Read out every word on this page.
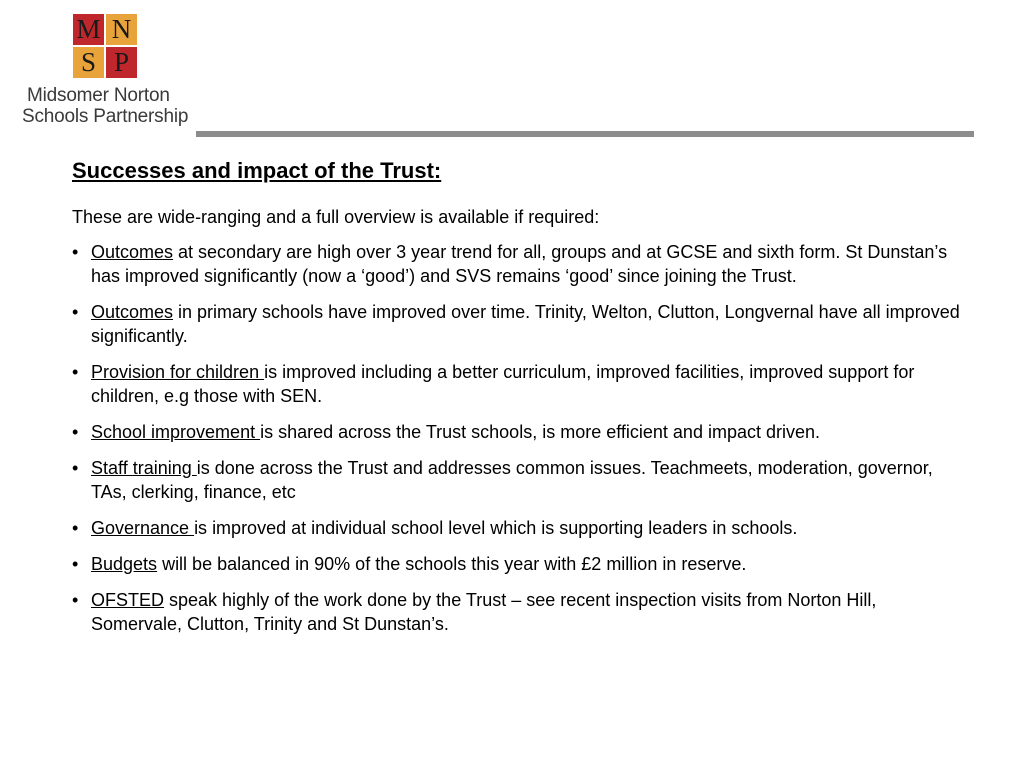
M N
S P
Midsomer Norton
Schools Partnership
Successes and impact of the Trust:
These are wide-ranging and a full overview is available if required:
• Outcomes at secondary are high over 3 year trend for all, groups and at GCSE and sixth form. St Dunstan’s has improved significantly (now a ‘good’) and SVS remains ‘good’ since joining the Trust.
• Outcomes in primary schools have improved over time. Trinity, Welton, Clutton, Longvernal have all improved significantly.
• Provision for children is improved including a better curriculum, improved facilities, improved support for children, e.g those with SEN.
• School improvement is shared across the Trust schools, is more efficient and impact driven.
• Staff training is done across the Trust and addresses common issues. Teachmeets, moderation, governor, TAs, clerking, finance, etc
• Governance is improved at individual school level which is supporting leaders in schools.
• Budgets will be balanced in 90% of the schools this year with £2 million in reserve.
• OFSTED speak highly of the work done by the Trust – see recent inspection visits from Norton Hill, Somervale, Clutton, Trinity and St Dunstan’s.
